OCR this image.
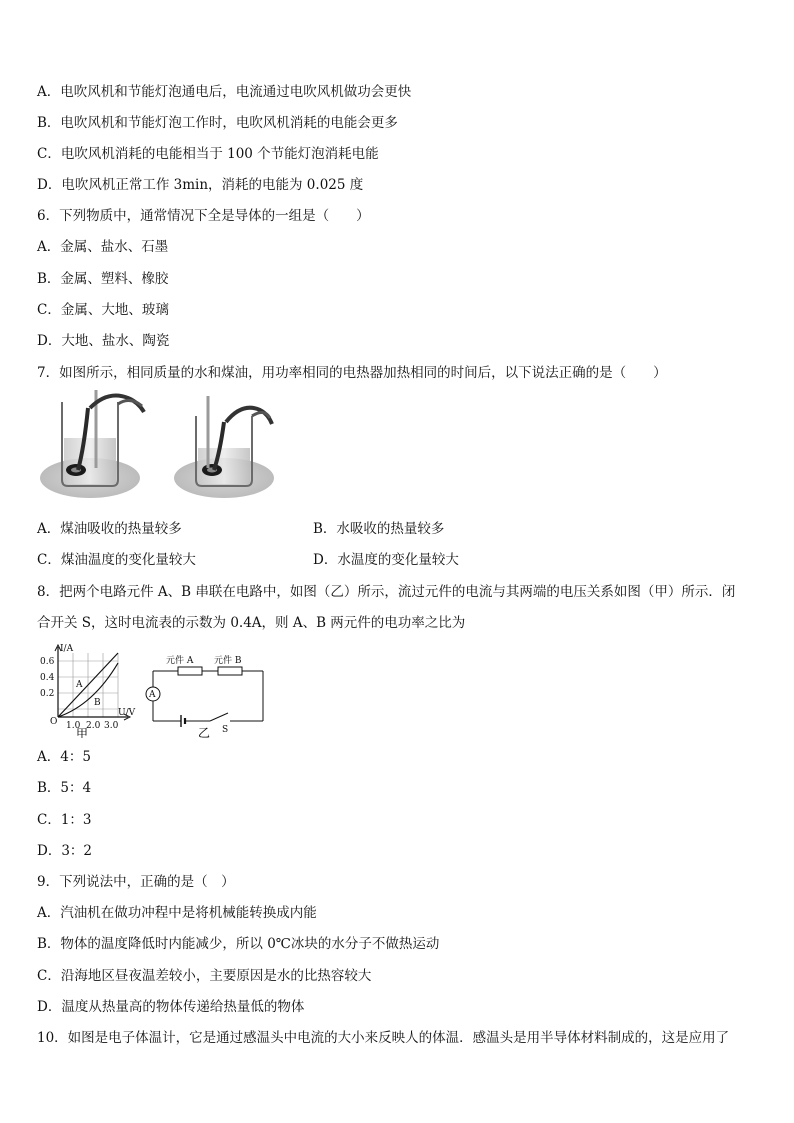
A．电吹风机和节能灯泡通电后，电流通过电吹风机做功会更快
B．电吹风机和节能灯泡工作时，电吹风机消耗的电能会更多
C．电吹风机消耗的电能相当于 100 个节能灯泡消耗电能
D．电吹风机正常工作 3min，消耗的电能为 0.025 度
6．下列物质中，通常情况下全是导体的一组是（　　）
A．金属、盐水、石墨
B．金属、塑料、橡胶
C．金属、大地、玻璃
D．大地、盐水、陶瓷
7．如图所示，相同质量的水和煤油，用功率相同的电热器加热相同的时间后，以下说法正确的是（　　）
A．煤油吸收的热量较多	B．水吸收的热量较多
C．煤油温度的变化量较大	D．水温度的变化量较大
8．把两个电路元件 A、B 串联在电路中，如图（乙）所示，流过元件的电流与其两端的电压关系如图（甲）所示．闭
合开关 S，这时电流表的示数为 0.4A，则 A、B 两元件的电功率之比为
I/A
0.6
0.4
0.2
O 1.0 2.0 3.0
U/V
A
B
甲
元件 A 元件 B
A
S
乙
A．4：5
B．5：4
C．1：3
D．3：2
9．下列说法中，正确的是（　）
A．汽油机在做功冲程中是将机械能转换成内能
B．物体的温度降低时内能减少，所以 0℃冰块的水分子不做热运动
C．沿海地区昼夜温差较小，主要原因是水的比热容较大
D．温度从热量高的物体传递给热量低的物体
10．如图是电子体温计，它是通过感温头中电流的大小来反映人的体温．感温头是用半导体材料制成的，这是应用了
